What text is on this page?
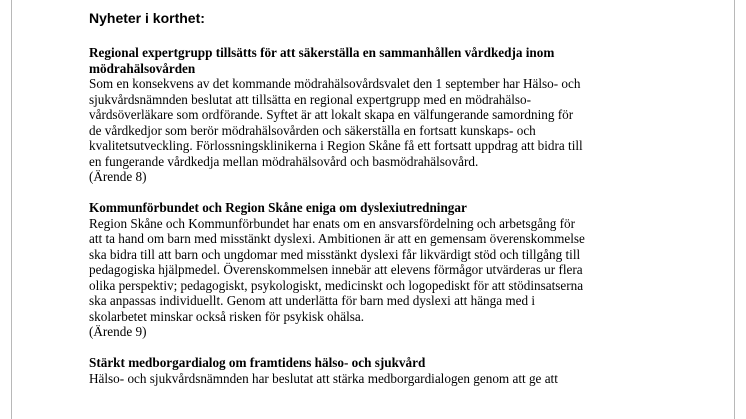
Nyheter i korthet:
Regional expertgrupp tillsätts för att säkerställa en sammanhållen vårdkedja inom
mödrahälsovården
Som en konsekvens av det kommande mödrahälsovårdsvalet den 1 september har Hälso- och
sjukvårdsnämnden beslutat att tillsätta en regional expertgrupp med en mödrahälso-
vårdsöverläkare som ordförande. Syftet är att lokalt skapa en välfungerande samordning för
de vårdkedjor som berör mödrahälsovården och säkerställa en fortsatt kunskaps- och
kvalitetsutveckling. Förlossningsklinikerna i Region Skåne få ett fortsatt uppdrag att bidra till
en fungerande vårdkedja mellan mödrahälsovård och basmödrahälsovård.
(Ärende 8)
Kommunförbundet och Region Skåne eniga om dyslexiutredningar
Region Skåne och Kommunförbundet har enats om en ansvarsfördelning och arbetsgång för
att ta hand om barn med misstänkt dyslexi. Ambitionen är att en gemensam överenskommelse
ska bidra till att barn och ungdomar med misstänkt dyslexi får likvärdigt stöd och tillgång till
pedagogiska hjälpmedel. Överenskommelsen innebär att elevens förmågor utvärderas ur flera
olika perspektiv; pedagogiskt, psykologiskt, medicinskt och logopediskt för att stödinsatserna
ska anpassas individuellt. Genom att underlätta för barn med dyslexi att hänga med i
skolarbetet minskar också risken för psykisk ohälsa.
(Ärende 9)
Stärkt medborgardialog om framtidens hälso- och sjukvård
Hälso- och sjukvårdsnämnden har beslutat att stärka medborgardialogen genom att ge att
